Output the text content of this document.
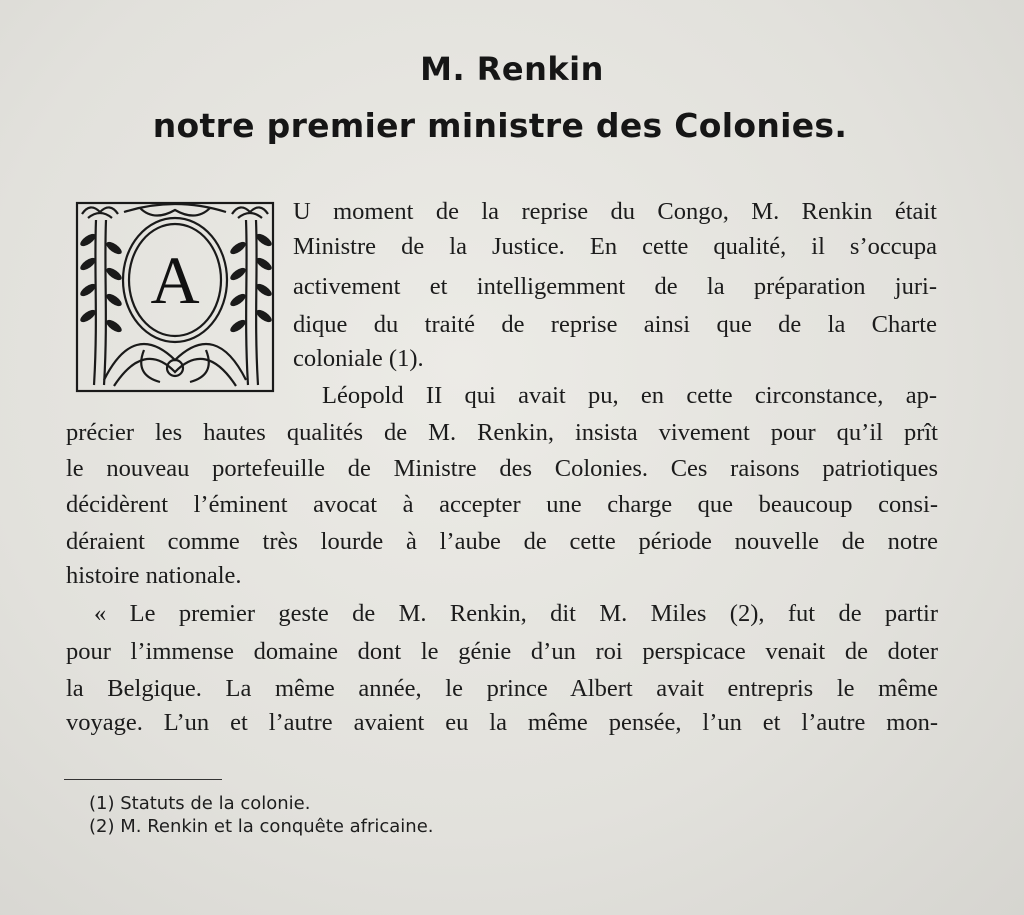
M. Renkin
notre premier ministre des Colonies.
A

U moment de la reprise du Congo, M. Renkin était

Ministre de la Justice. En cette qualité, il s’occupa

activement et intelligemment de la préparation juri-

dique du traité de reprise ainsi que de la Charte

coloniale (1).

Léopold II qui avait pu, en cette circonstance, ap-

précier les hautes qualités de M. Renkin, insista vivement pour qu’il prît

le nouveau portefeuille de Ministre des Colonies. Ces raisons patriotiques

décidèrent l’éminent avocat à accepter une charge que beaucoup consi-

déraient comme très lourde à l’aube de cette période nouvelle de notre

histoire nationale.

« Le premier geste de M. Renkin, dit M. Miles (2), fut de partir

pour l’immense domaine dont le génie d’un roi perspicace venait de doter

la Belgique. La même année, le prince Albert avait entrepris le même

voyage. L’un et l’autre avaient eu la même pensée, l’un et l’autre mon-

(1) Statuts de la colonie.

(2) M. Renkin et la conquête africaine.
